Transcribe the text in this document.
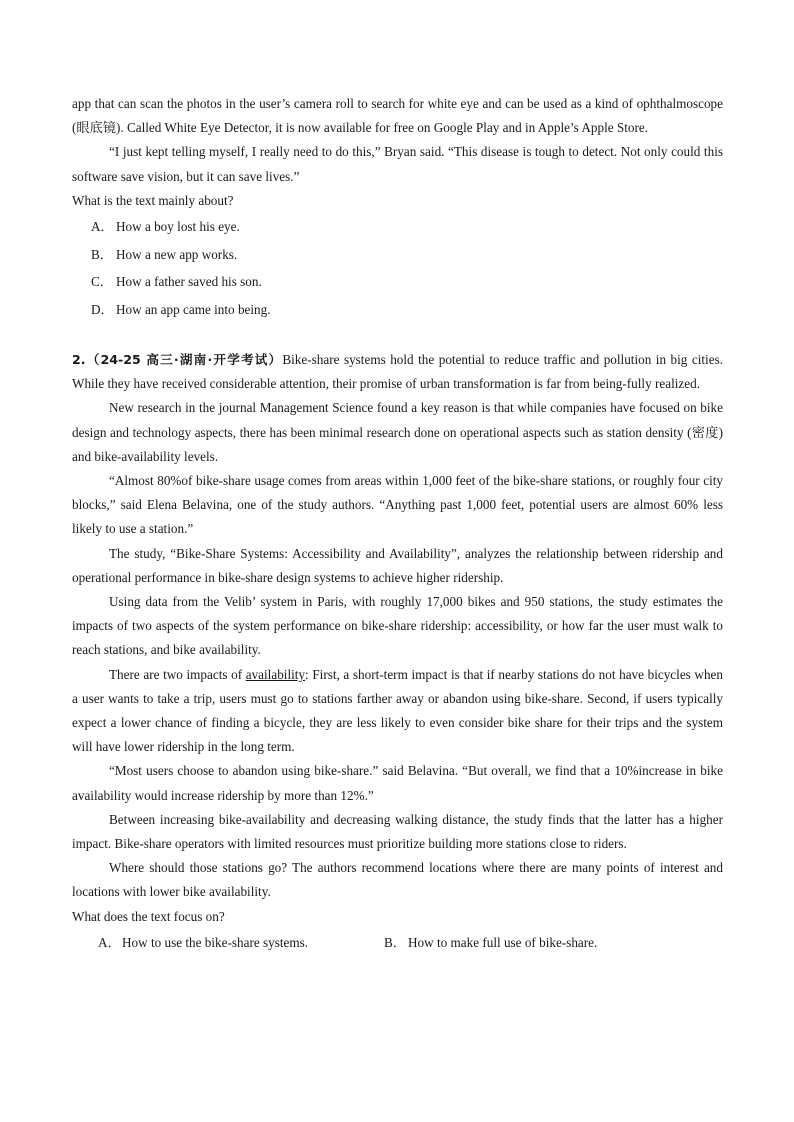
app that can scan the photos in the user’s camera roll to search for white eye and can be used as a kind of ophthalmoscope (眼底镜). Called White Eye Detector, it is now available for free on Google Play and in Apple’s Apple Store.

“I just kept telling myself, I really need to do this,” Bryan said. “This disease is tough to detect. Not only could this software save vision, but it can save lives.”

What is the text mainly about?

A． How a boy lost his eye.

B． How a new app works.

C． How a father saved his son.

D． How an app came into being.

2.（24-25 高三·湖南·开学考试）Bike-share systems hold the potential to reduce traffic and pollution in big cities. While they have received considerable attention, their promise of urban transformation is far from being-fully realized.

New research in the journal Management Science found a key reason is that while companies have focused on bike design and technology aspects, there has been minimal research done on operational aspects such as station density (密度) and bike-availability levels.

“Almost 80%of bike-share usage comes from areas within 1,000 feet of the bike-share stations, or roughly four city blocks,” said Elena Belavina, one of the study authors. “Anything past 1,000 feet, potential users are almost 60% less likely to use a station.”

The study, “Bike-Share Systems: Accessibility and Availability”, analyzes the relationship between ridership and operational performance in bike-share design systems to achieve higher ridership.

Using data from the Velib’ system in Paris, with roughly 17,000 bikes and 950 stations, the study estimates the impacts of two aspects of the system performance on bike-share ridership: accessibility, or how far the user must walk to reach stations, and bike availability.

There are two impacts of availability: First, a short-term impact is that if nearby stations do not have bicycles when a user wants to take a trip, users must go to stations farther away or abandon using bike-share. Second, if users typically expect a lower chance of finding a bicycle, they are less likely to even consider bike share for their trips and the system will have lower ridership in the long term.

“Most users choose to abandon using bike-share.” said Belavina. “But overall, we find that a 10%increase in bike availability would increase ridership by more than 12%.”

Between increasing bike-availability and decreasing walking distance, the study finds that the latter has a higher impact. Bike-share operators with limited resources must prioritize building more stations close to riders.

Where should those stations go? The authors recommend locations where there are many points of interest and locations with lower bike availability.

What does the text focus on?

A．How to use the bike-share systems.	B． How to make full use of bike-share.
